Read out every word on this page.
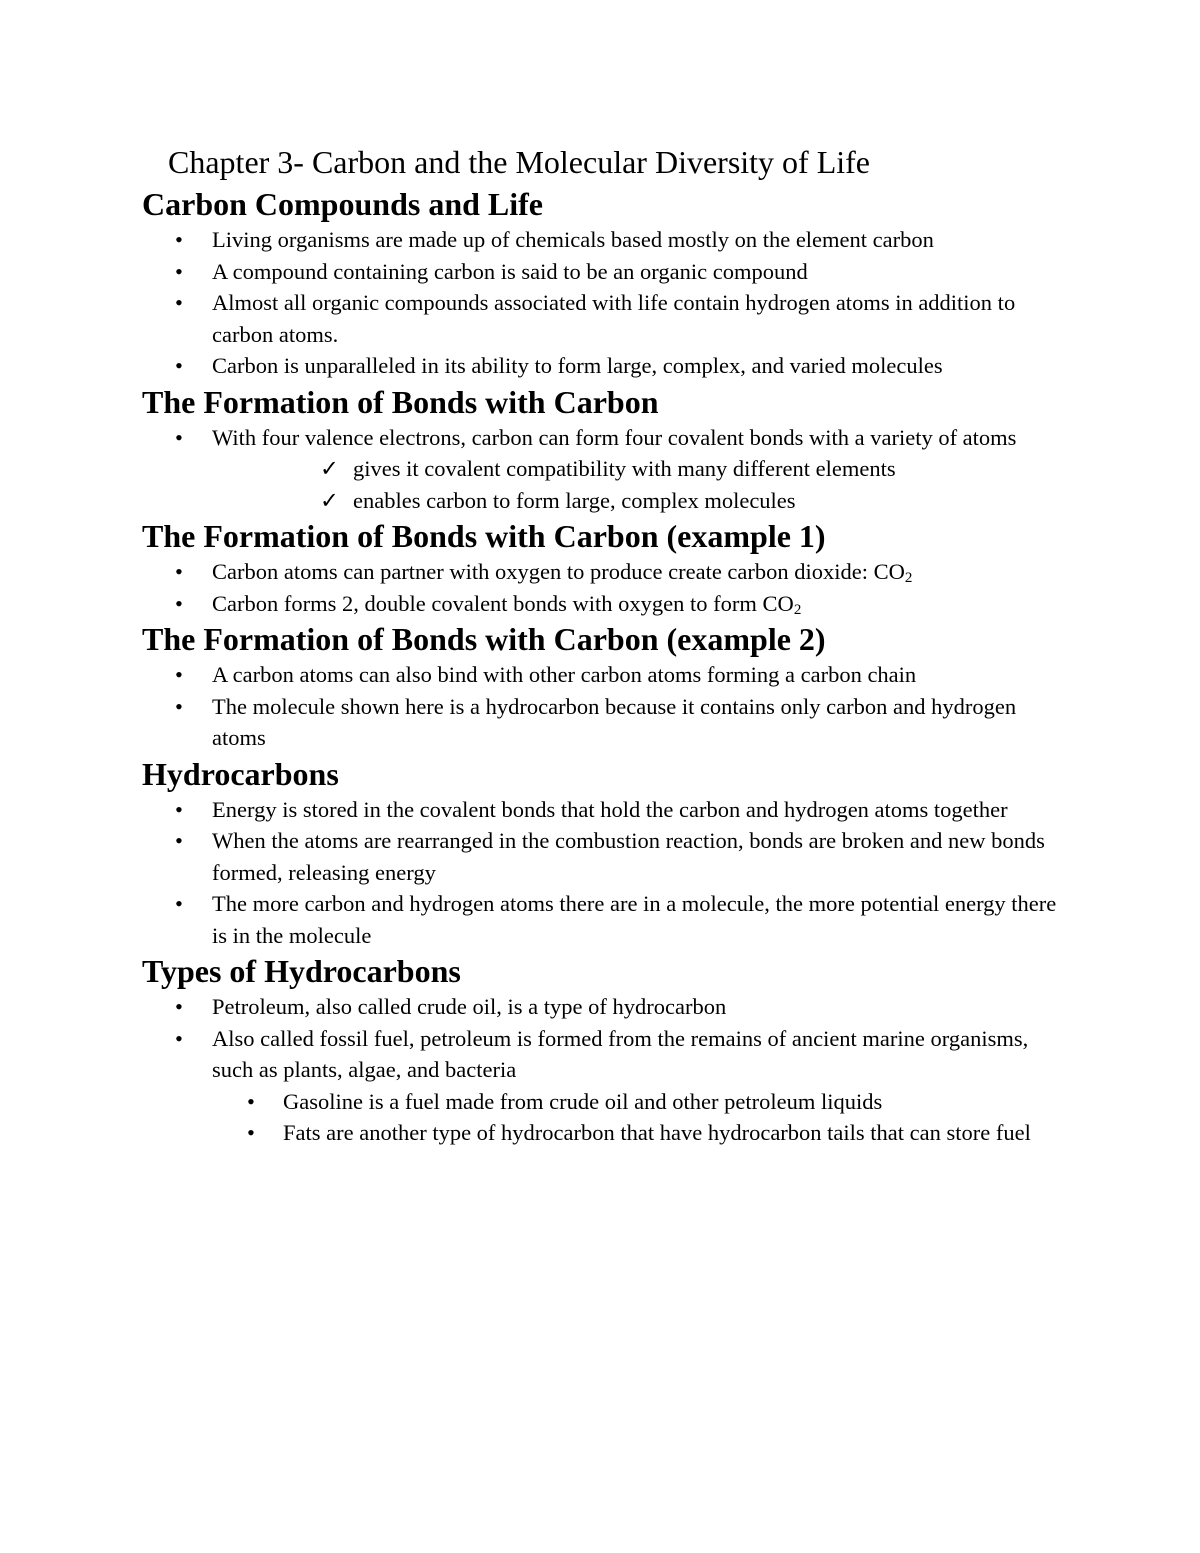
Chapter 3- Carbon and the Molecular Diversity of Life
Carbon Compounds and Life
• Living organisms are made up of chemicals based mostly on the element carbon
• A compound containing carbon is said to be an organic compound
• Almost all organic compounds associated with life contain hydrogen atoms in addition to carbon atoms.
• Carbon is unparalleled in its ability to form large, complex, and varied molecules
The Formation of Bonds with Carbon
• With four valence electrons, carbon can form four covalent bonds with a variety of atoms
✓ gives it covalent compatibility with many different elements
✓ enables carbon to form large, complex molecules
The Formation of Bonds with Carbon (example 1)
• Carbon atoms can partner with oxygen to produce create carbon dioxide: $CO_2$
• Carbon forms 2, double covalent bonds with oxygen to form $CO_2$
The Formation of Bonds with Carbon (example 2)
• A carbon atoms can also bind with other carbon atoms forming a carbon chain
• The molecule shown here is a hydrocarbon because it contains only carbon and hydrogen atoms
Hydrocarbons
• Energy is stored in the covalent bonds that hold the carbon and hydrogen atoms together
• When the atoms are rearranged in the combustion reaction, bonds are broken and new bonds formed, releasing energy
• The more carbon and hydrogen atoms there are in a molecule, the more potential energy there is in the molecule
Types of Hydrocarbons
• Petroleum, also called crude oil, is a type of hydrocarbon
• Also called fossil fuel, petroleum is formed from the remains of ancient marine organisms, such as plants, algae, and bacteria
• Gasoline is a fuel made from crude oil and other petroleum liquids
• Fats are another type of hydrocarbon that have hydrocarbon tails that can store fuel
